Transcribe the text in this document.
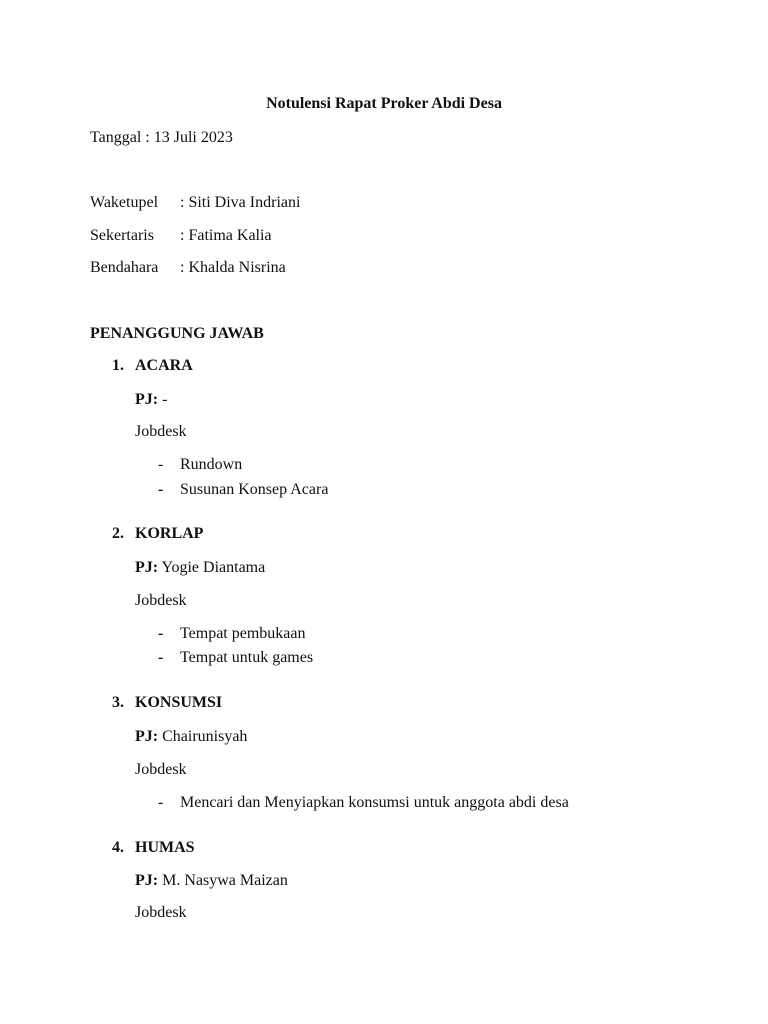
Notulensi Rapat Proker Abdi Desa
Tanggal : 13 Juli 2023
Waketupel : Siti Diva Indriani
Sekertaris : Fatima Kalia
Bendahara : Khalda Nisrina
PENANGGUNG JAWAB
1. ACARA
PJ: -
Jobdesk
-	Rundown
-	Susunan Konsep Acara
2. KORLAP
PJ: Yogie Diantama
Jobdesk
-	Tempat pembukaan
-	Tempat untuk games
3. KONSUMSI
PJ: Chairunisyah
Jobdesk
-	Mencari dan Menyiapkan konsumsi untuk anggota abdi desa
4. HUMAS
PJ: M. Nasywa Maizan
Jobdesk
